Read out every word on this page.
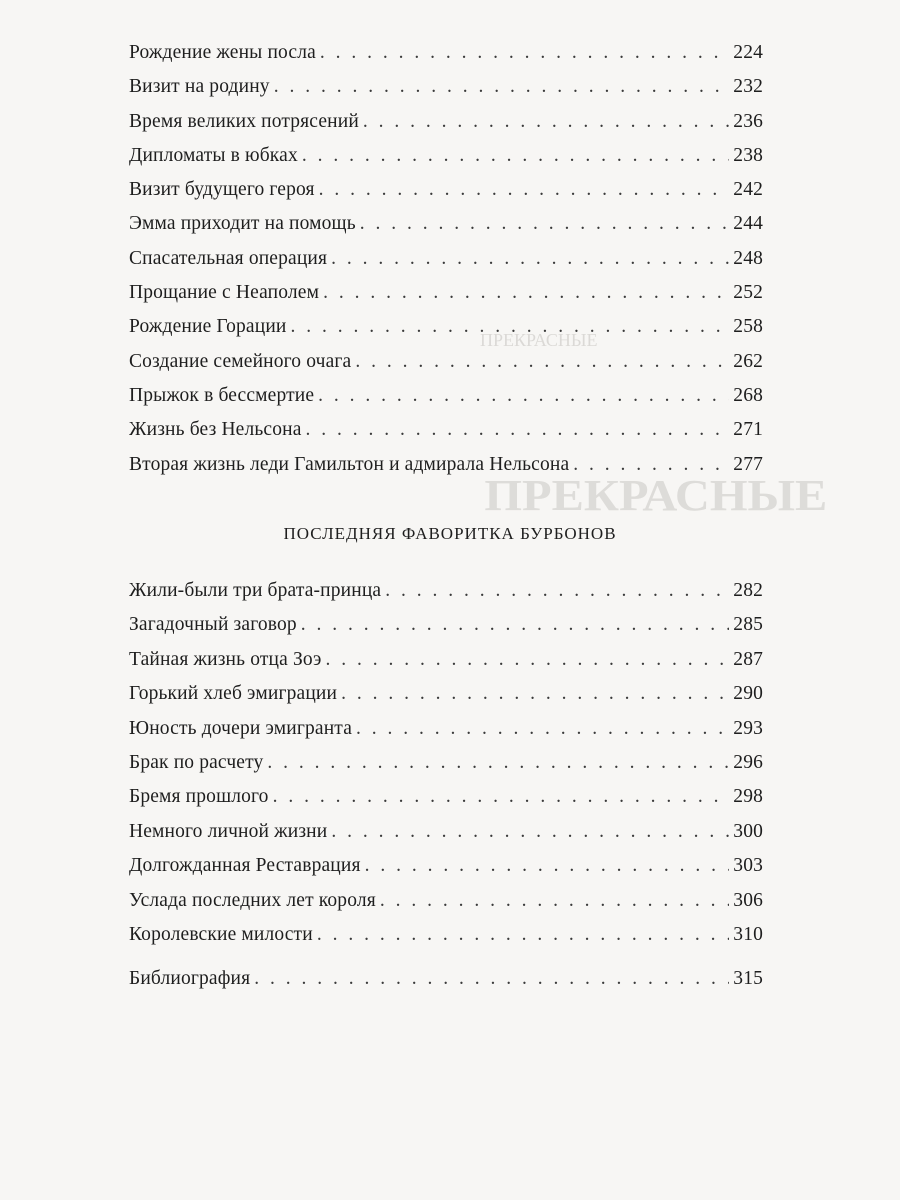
ПРЕКРАСНЫЕ
ПРЕКРАСНЫЕ
Рождение жены посла . . .	224
Визит на родину . . .	232
Время великих потрясений . . .	236
Дипломаты в юбках . . .	238
Визит будущего героя . . .	242
Эмма приходит на помощь . . .	244
Спасательная операция . . .	248
Прощание с Неаполем . . .	252
Рождение Горации . . .	258
Создание семейного очага . . .	262
Прыжок в бессмертие . . .	268
Жизнь без Нельсона . . .	271
Вторая жизнь леди Гамильтон и адмирала Нельсона . . .	277
ПОСЛЕДНЯЯ ФАВОРИТКА БУРБОНОВ
Жили-были три брата-принца . . .	282
Загадочный заговор . . .	285
Тайная жизнь отца Зоэ . . .	287
Горький хлеб эмиграции . . .	290
Юность дочери эмигранта . . .	293
Брак по расчету . . .	296
Бремя прошлого . . .	298
Немного личной жизни . . .	300
Долгожданная Реставрация . . .	303
Услада последних лет короля . . .	306
Королевские милости . . .	310
Библиография . . .	315
